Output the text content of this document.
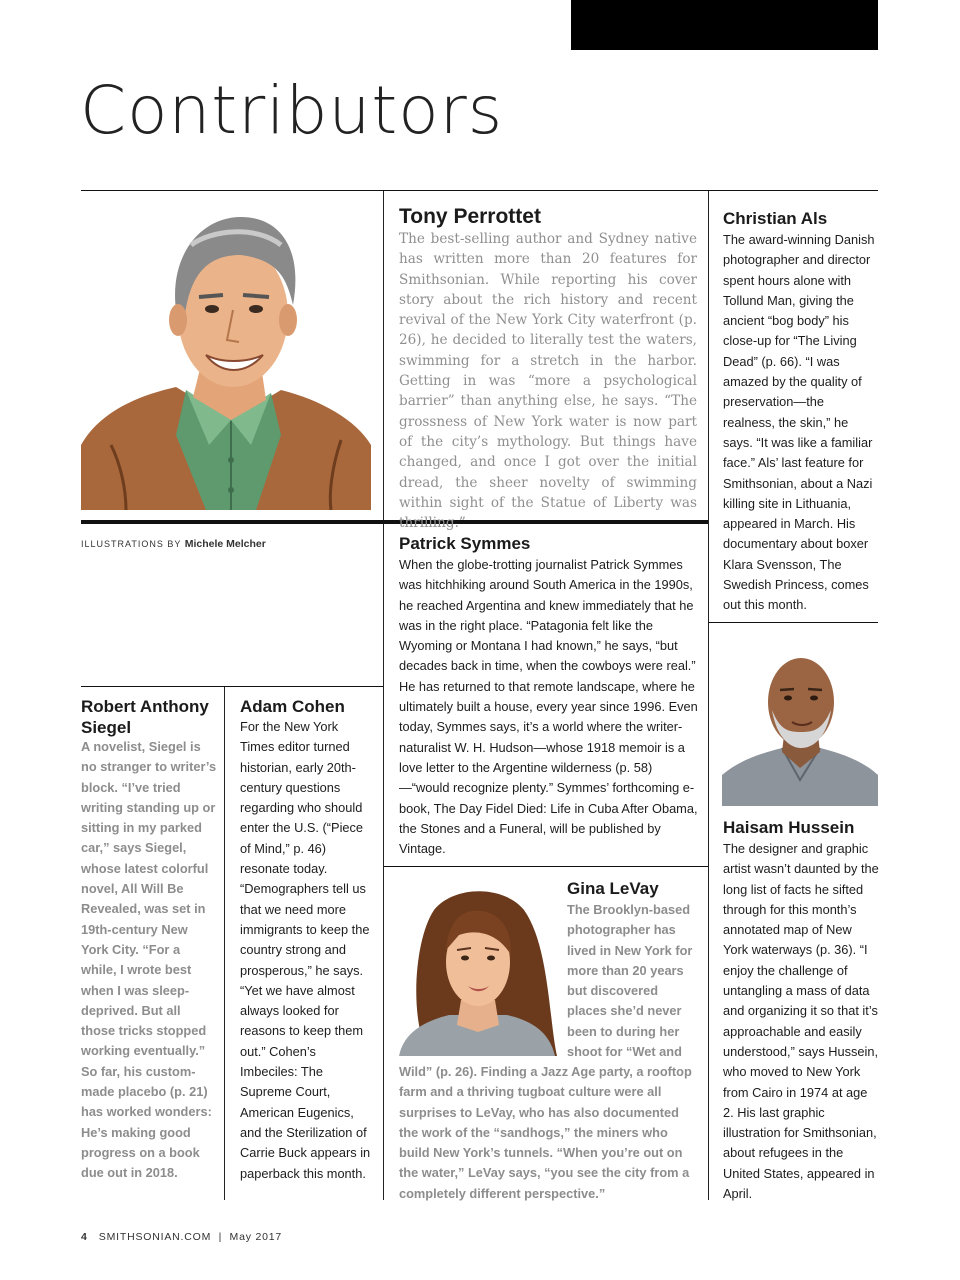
Contributors
ILLUSTRATIONS BY Michele Melcher
Tony Perrottet
The best-selling author and Sydney native has written more than 20 features for Smithsonian. While reporting his cover story about the rich history and recent revival of the New York City waterfront (p. 26), he decided to literally test the waters, swimming for a stretch in the harbor. Getting in was “more a psychological barrier” than anything else, he says. “The grossness of New York water is now part of the city’s mythology. But things have changed, and once I got over the initial dread, the sheer novelty of swimming within sight of the Statue of Liberty was thrilling.”
Christian Als
The award-winning Danish photographer and director spent hours alone with Tollund Man, giving the ancient “bog body” his close-up for “The Living Dead” (p. 66). “I was amazed by the quality of preservation—the realness, the skin,” he says. “It was like a familiar face.” Als’ last feature for Smithsonian, about a Nazi killing site in Lithuania, appeared in March. His documentary about boxer Klara Svensson, The Swedish Princess, comes out this month.
Haisam Hussein
The designer and graphic artist wasn’t daunted by the long list of facts he sifted through for this month’s annotated map of New York waterways (p. 36). “I enjoy the challenge of untangling a mass of data and organizing it so that it’s approachable and easily understood,” says Hussein, who moved to New York from Cairo in 1974 at age 2. His last graphic illustration for Smithsonian, about refugees in the United States, appeared in April.
Patrick Symmes
When the globe-trotting journalist Patrick Symmes was hitchhiking around South America in the 1990s, he reached Argentina and knew immediately that he was in the right place. “Patagonia felt like the Wyoming or Montana I had known,” he says, “but decades back in time, when the cowboys were real.” He has returned to that remote landscape, where he ultimately built a house, every year since 1996. Even today, Symmes says, it’s a world where the writer-naturalist W. H. Hudson—whose 1918 memoir is a love letter to the Argentine wilderness (p. 58)—“would recognize plenty.” Symmes’ forthcoming e-book, The Day Fidel Died: Life in Cuba After Obama, the Stones and a Funeral, will be published by Vintage.
Gina LeVay
The Brooklyn-based photographer has lived in New York for more than 20 years but discovered places she’d never been to during her shoot for “Wet and
Wild” (p. 26). Finding a Jazz Age party, a rooftop farm and a thriving tugboat culture were all surprises to LeVay, who has also documented the work of the “sandhogs,” the miners who build New York’s tunnels. “When you’re out on the water,” LeVay says, “you see the city from a completely different perspective.”
Robert Anthony Siegel
A novelist, Siegel is no stranger to writer’s block. “I’ve tried writing standing up or sitting in my parked car,” says Siegel, whose latest colorful novel, All Will Be Revealed, was set in 19th-century New York City. “For a while, I wrote best when I was sleep-deprived. But all those tricks stopped working eventually.” So far, his custom-made placebo (p. 21) has worked wonders: He’s making good progress on a book due out in 2018.
Adam Cohen
For the New York Times editor turned historian, early 20th-century questions regarding who should enter the U.S. (“Piece of Mind,” p. 46) resonate today. “Demographers tell us that we need more immigrants to keep the country strong and prosperous,” he says. “Yet we have almost always looked for reasons to keep them out.” Cohen’s Imbeciles: The Supreme Court, American Eugenics, and the Sterilization of Carrie Buck appears in paperback this month.
4 SMITHSONIAN.COM  |  May 2017
